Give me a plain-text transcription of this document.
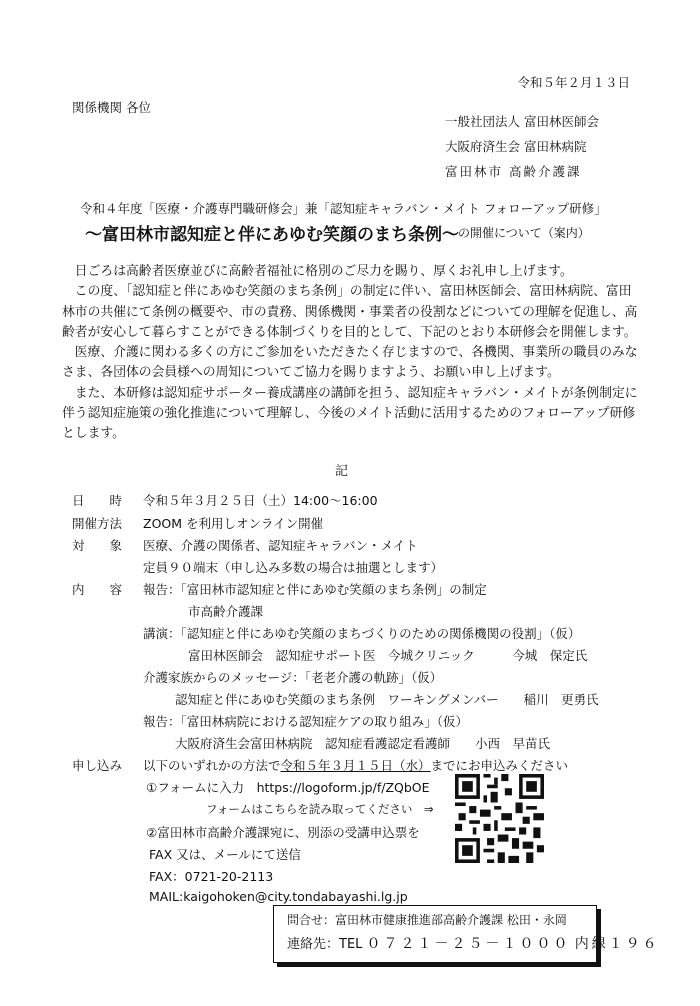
令和５年２月１３日
関係機関 各位
一般社団法人 富田林医師会
大阪府済生会 富田林病院
富田林市 高齢介護課
令和４年度「医療・介護専門職研修会」兼「認知症キャラバン・メイト フォローアップ研修」
～富田林市認知症と伴にあゆむ笑顔のまち条例～ の開催について（案内）

日ごろは高齢者医療並びに高齢者福祉に格別のご尽力を賜り、厚くお礼申し上げます。

この度、「認知症と伴にあゆむ笑顔のまち条例」の制定に伴い、富田林医師会、富田林病院、富田林市の共催にて条例の概要や、市の責務、関係機関・事業者の役割などについての理解を促進し、高齢者が安心して暮らすことができる体制づくりを目的として、下記のとおり本研修会を開催します。

医療、介護に関わる多くの方にご参加をいただきたく存じますので、各機関、事業所の職員のみなさま、各団体の会員様への周知についてご協力を賜りますよう、お願い申し上げます。

また、本研修は認知症サポーター養成講座の講師を担う、認知症キャラバン・メイトが条例制定に伴う認知症施策の強化推進について理解し、今後のメイト活動に活用するためのフォローアップ研修とします。

記
日　　時 令和５年３月２５日（土）14:00～16:00
開催方法 ZOOM を利用しオンライン開催
対　　象 医療、介護の関係者、認知症キャラバン・メイト
定員９０端末（申し込み多数の場合は抽選とします）
内　　容 報告：「富田林市認知症と伴にあゆむ笑顔のまち条例」の制定
市高齢介護課
講演：「認知症と伴にあゆむ笑顔のまちづくりのための関係機関の役割」（仮）
富田林医師会　認知症サポート医　今城クリニック　　　今城　保定氏
介護家族からのメッセージ：「老老介護の軌跡」（仮）
認知症と伴にあゆむ笑顔のまち条例　ワーキングメンバー　　稲川　更勇氏
報告：「富田林病院における認知症ケアの取り組み」（仮）
大阪府済生会富田林病院　認知症看護認定看護師　　小西　早苗氏
申し込み 以下のいずれかの方法で令和５年３月１５日（水）までにお申込みください
①フォームに入力　https://logoform.jp/f/ZQbOE
フォームはこちらを読み取ってください　⇒
②富田林市高齢介護課宛に、別添の受講申込票を
FAX 又は、メールにて送信
FAX：0721-20-2113
MAIL:kaigohoken@city.tondabayashi.lg.jp
問合せ：富田林市健康推進部高齢介護課 松田・永岡
連絡先：TEL ０７２１－２５－１０００ 内線１９６
